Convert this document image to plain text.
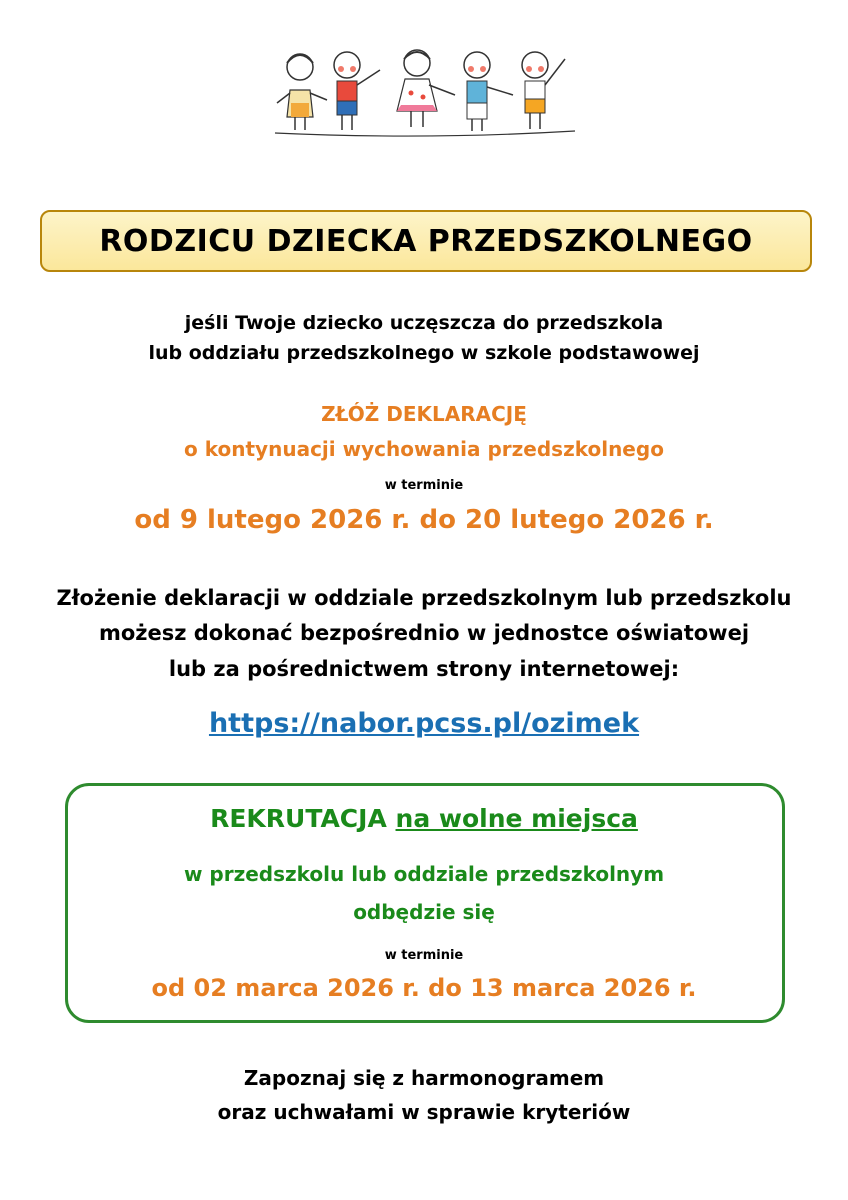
RODZICU DZIECKA PRZEDSZKOLNEGO
jeśli Twoje dziecko uczęszcza do przedszkola
lub oddziału przedszkolnego w szkole podstawowej
ZŁÓŻ DEKLARACJĘ
o kontynuacji wychowania przedszkolnego
w terminie
od 9 lutego 2026 r. do 20 lutego 2026 r.
Złożenie deklaracji w oddziale przedszkolnym lub przedszkolu
możesz dokonać bezpośrednio w jednostce oświatowej
lub za pośrednictwem strony internetowej:
https://nabor.pcss.pl/ozimek
REKRUTACJA na wolne miejsca
w przedszkolu lub oddziale przedszkolnym
odbędzie się
w terminie
od 02 marca 2026 r. do 13 marca 2026 r.
Zapoznaj się z harmonogramem
oraz uchwałami w sprawie kryteriów
